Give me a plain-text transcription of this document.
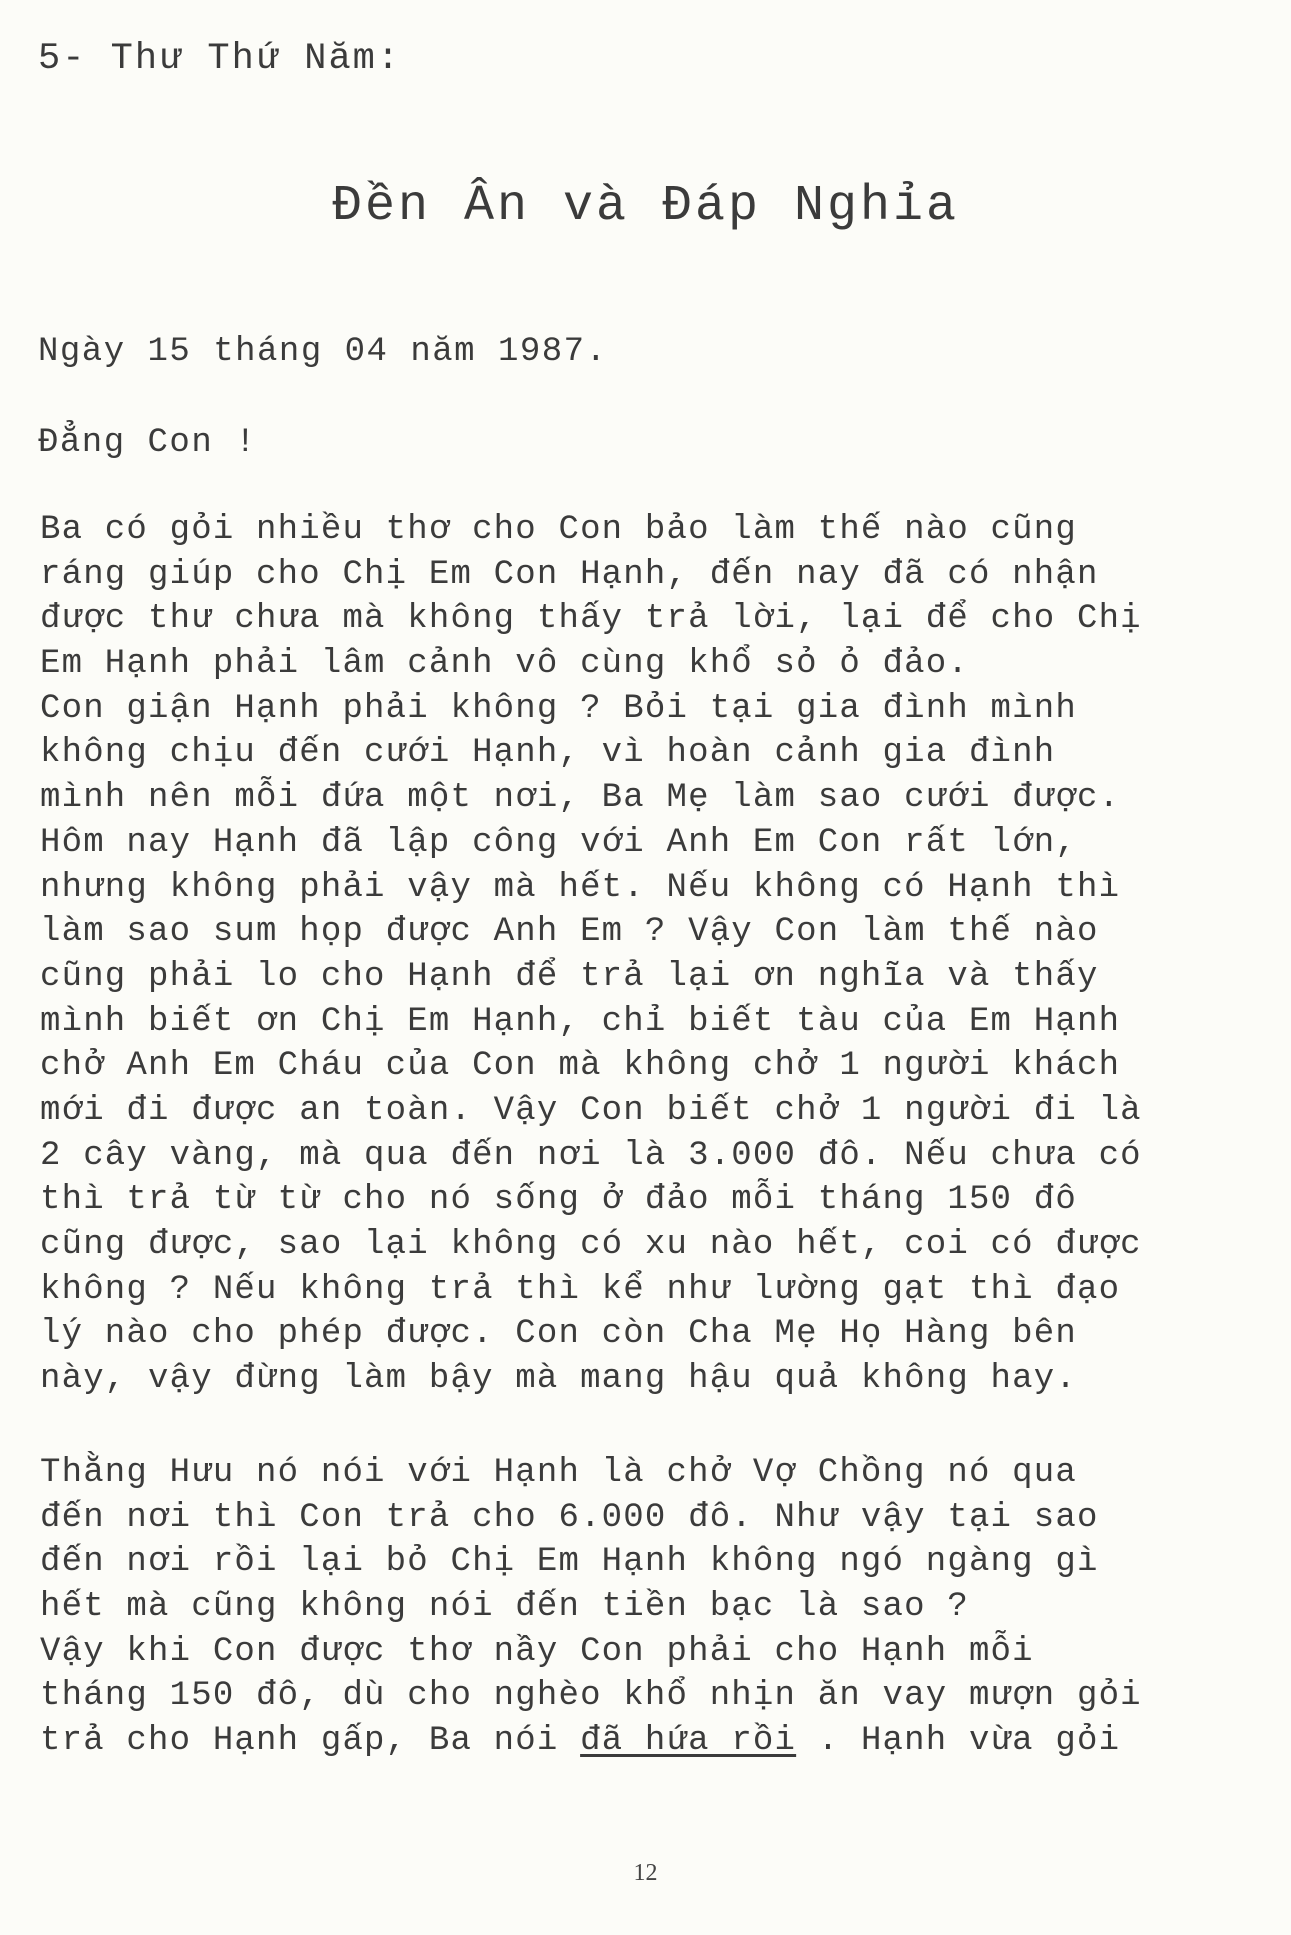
5- Thư Thứ Năm:
Đền Ân và Đáp Nghỉa
Ngày 15 tháng 04 năm 1987.
Đẳng Con !
Ba có gỏi nhiều thơ cho Con bảo làm thế nào cũng
ráng giúp cho Chị Em Con Hạnh, đến nay đã có nhận
được thư chưa mà không thấy trả lời, lại để cho Chị
Em Hạnh phải lâm cảnh vô cùng khổ sỏ ỏ đảo.
Con giận Hạnh phải không ? Bỏi tại gia đình mình
không chịu đến cưới Hạnh, vì hoàn cảnh gia đình
mình nên mỗi đứa một nơi, Ba Mẹ làm sao cưới được.
Hôm nay Hạnh đã lập công với Anh Em Con rất lớn,
nhưng không phải vậy mà hết. Nếu không có Hạnh thì
làm sao sum họp được Anh Em ? Vậy Con làm thế nào
cũng phải lo cho Hạnh để trả lại ơn nghĩa và thấy
mình biết ơn Chị Em Hạnh, chỉ biết tàu của Em Hạnh
chở Anh Em Cháu của Con mà không chở 1 người khách
mới đi được an toàn. Vậy Con biết chở 1 người đi là
2 cây vàng, mà qua đến nơi là 3.000 đô. Nếu chưa có
thì trả từ từ cho nó sống ở đảo mỗi tháng 150 đô
cũng được, sao lại không có xu nào hết, coi có được
không ? Nếu không trả thì kể như lường gạt thì đạo
lý nào cho phép được. Con còn Cha Mẹ Họ Hàng bên
này, vậy đừng làm bậy mà mang hậu quả không hay.
Thằng Hưu nó nói với Hạnh là chở Vợ Chồng nó qua
đến nơi thì Con trả cho 6.000 đô. Như vậy tại sao
đến nơi rồi lại bỏ Chị Em Hạnh không ngó ngàng gì
hết mà cũng không nói đến tiền bạc là sao ?
Vậy khi Con được thơ nầy Con phải cho Hạnh mỗi
tháng 150 đô, dù cho nghèo khổ nhịn ăn vay mượn gỏi
trả cho Hạnh gấp, Ba nói đã hứa rồi . Hạnh vừa gỏi
12
